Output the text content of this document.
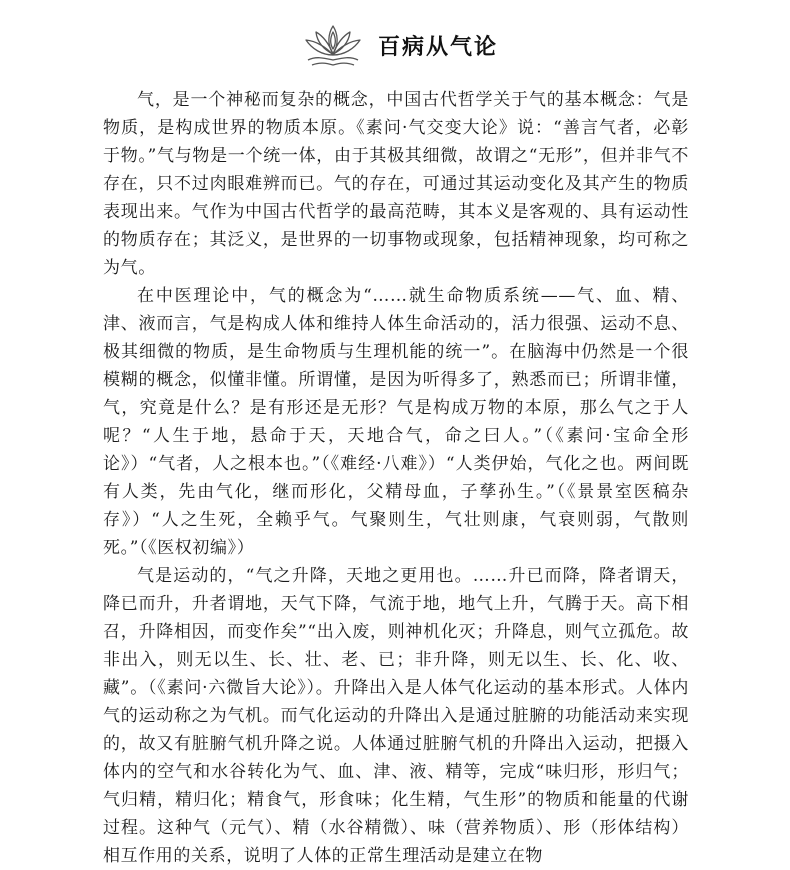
百病从气论

气，是一个神秘而复杂的概念，中国古代哲学关于气的基本概念：气是物质，是构成世界的物质本原。《素问·气交变大论》说：“善言气者，必彰于物。”气与物是一个统一体，由于其极其细微，故谓之“无形”，但并非气不存在，只不过肉眼难辨而已。气的存在，可通过其运动变化及其产生的物质表现出来。气作为中国古代哲学的最高范畴，其本义是客观的、具有运动性的物质存在；其泛义，是世界的一切事物或现象，包括精神现象，均可称之为气。

在中医理论中，气的概念为“……就生命物质系统——气、血、精、津、液而言，气是构成人体和维持人体生命活动的，活力很强、运动不息、极其细微的物质，是生命物质与生理机能的统一”。在脑海中仍然是一个很模糊的概念，似懂非懂。所谓懂，是因为听得多了，熟悉而已；所谓非懂，气，究竟是什么？是有形还是无形？气是构成万物的本原，那么气之于人呢？“人生于地，悬命于天，天地合气，命之曰人。”（《素问·宝命全形论》）“气者，人之根本也。”（《难经·八难》）“人类伊始，气化之也。两间既有人类，先由气化，继而形化，父精母血，子孳孙生。”（《景景室医稿杂存》）“人之生死，全赖乎气。气聚则生，气壮则康，气衰则弱，气散则死。”（《医权初编》）

气是运动的，“气之升降，天地之更用也。……升已而降，降者谓天，降已而升，升者谓地，天气下降，气流于地，地气上升，气腾于天。高下相召，升降相因，而变作矣”“出入废，则神机化灭；升降息，则气立孤危。故非出入，则无以生、长、壮、老、已；非升降，则无以生、长、化、收、藏”。（《素问·六微旨大论》）。升降出入是人体气化运动的基本形式。人体内气的运动称之为气机。而气化运动的升降出入是通过脏腑的功能活动来实现的，故又有脏腑气机升降之说。人体通过脏腑气机的升降出入运动，把摄入体内的空气和水谷转化为气、血、津、液、精等，完成“味归形，形归气；气归精，精归化；精食气，形食味；化生精，气生形”的物质和能量的代谢过程。这种气（元气）、精（水谷精微）、味（营养物质）、形（形体结构）相互作用的关系，说明了人体的正常生理活动是建立在物
